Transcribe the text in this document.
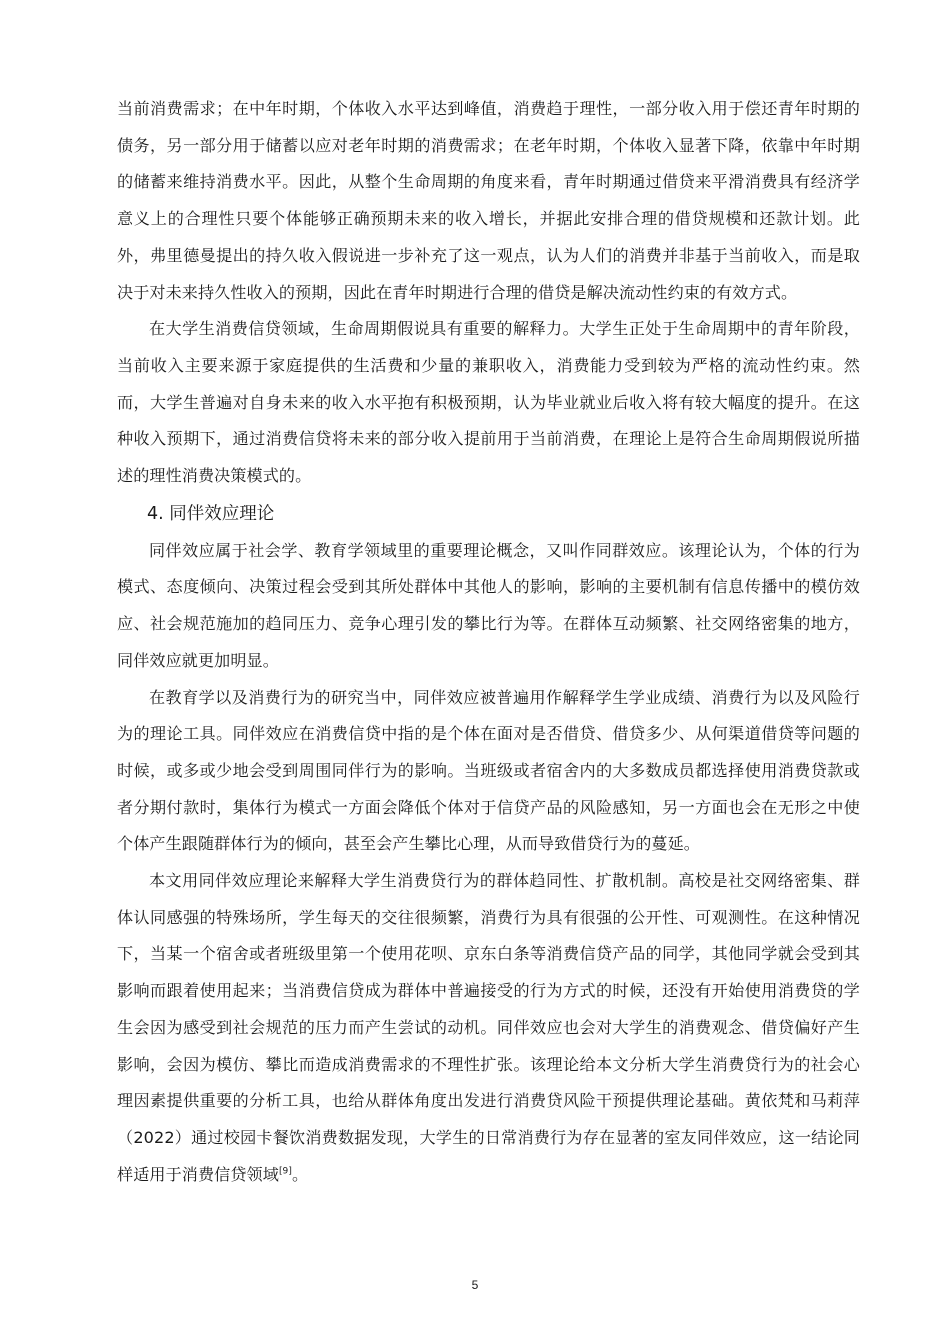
当前消费需求；在中年时期，个体收入水平达到峰值，消费趋于理性，一部分收入用于偿还青年时期的债务，另一部分用于储蓄以应对老年时期的消费需求；在老年时期，个体收入显著下降，依靠中年时期的储蓄来维持消费水平。因此，从整个生命周期的角度来看，青年时期通过借贷来平滑消费具有经济学意义上的合理性只要个体能够正确预期未来的收入增长，并据此安排合理的借贷规模和还款计划。此外，弗里德曼提出的持久收入假说进一步补充了这一观点，认为人们的消费并非基于当前收入，而是取决于对未来持久性收入的预期，因此在青年时期进行合理的借贷是解决流动性约束的有效方式。

在大学生消费信贷领域，生命周期假说具有重要的解释力。大学生正处于生命周期中的青年阶段，当前收入主要来源于家庭提供的生活费和少量的兼职收入，消费能力受到较为严格的流动性约束。然而，大学生普遍对自身未来的收入水平抱有积极预期，认为毕业就业后收入将有较大幅度的提升。在这种收入预期下，通过消费信贷将未来的部分收入提前用于当前消费，在理论上是符合生命周期假说所描述的理性消费决策模式的。

4. 同伴效应理论

同伴效应属于社会学、教育学领域里的重要理论概念，又叫作同群效应。该理论认为，个体的行为模式、态度倾向、决策过程会受到其所处群体中其他人的影响，影响的主要机制有信息传播中的模仿效应、社会规范施加的趋同压力、竞争心理引发的攀比行为等。在群体互动频繁、社交网络密集的地方，同伴效应就更加明显。

在教育学以及消费行为的研究当中，同伴效应被普遍用作解释学生学业成绩、消费行为以及风险行为的理论工具。同伴效应在消费信贷中指的是个体在面对是否借贷、借贷多少、从何渠道借贷等问题的时候，或多或少地会受到周围同伴行为的影响。当班级或者宿舍内的大多数成员都选择使用消费贷款或者分期付款时，集体行为模式一方面会降低个体对于信贷产品的风险感知，另一方面也会在无形之中使个体产生跟随群体行为的倾向，甚至会产生攀比心理，从而导致借贷行为的蔓延。

本文用同伴效应理论来解释大学生消费贷行为的群体趋同性、扩散机制。高校是社交网络密集、群体认同感强的特殊场所，学生每天的交往很频繁，消费行为具有很强的公开性、可观测性。在这种情况下，当某一个宿舍或者班级里第一个使用花呗、京东白条等消费信贷产品的同学，其他同学就会受到其影响而跟着使用起来；当消费信贷成为群体中普遍接受的行为方式的时候，还没有开始使用消费贷的学生会因为感受到社会规范的压力而产生尝试的动机。同伴效应也会对大学生的消费观念、借贷偏好产生影响，会因为模仿、攀比而造成消费需求的不理性扩张。该理论给本文分析大学生消费贷行为的社会心理因素提供重要的分析工具，也给从群体角度出发进行消费贷风险干预提供理论基础。黄依梵和马莉萍（2022）通过校园卡餐饮消费数据发现，大学生的日常消费行为存在显著的室友同伴效应，这一结论同样适用于消费信贷领域[9]。

5
